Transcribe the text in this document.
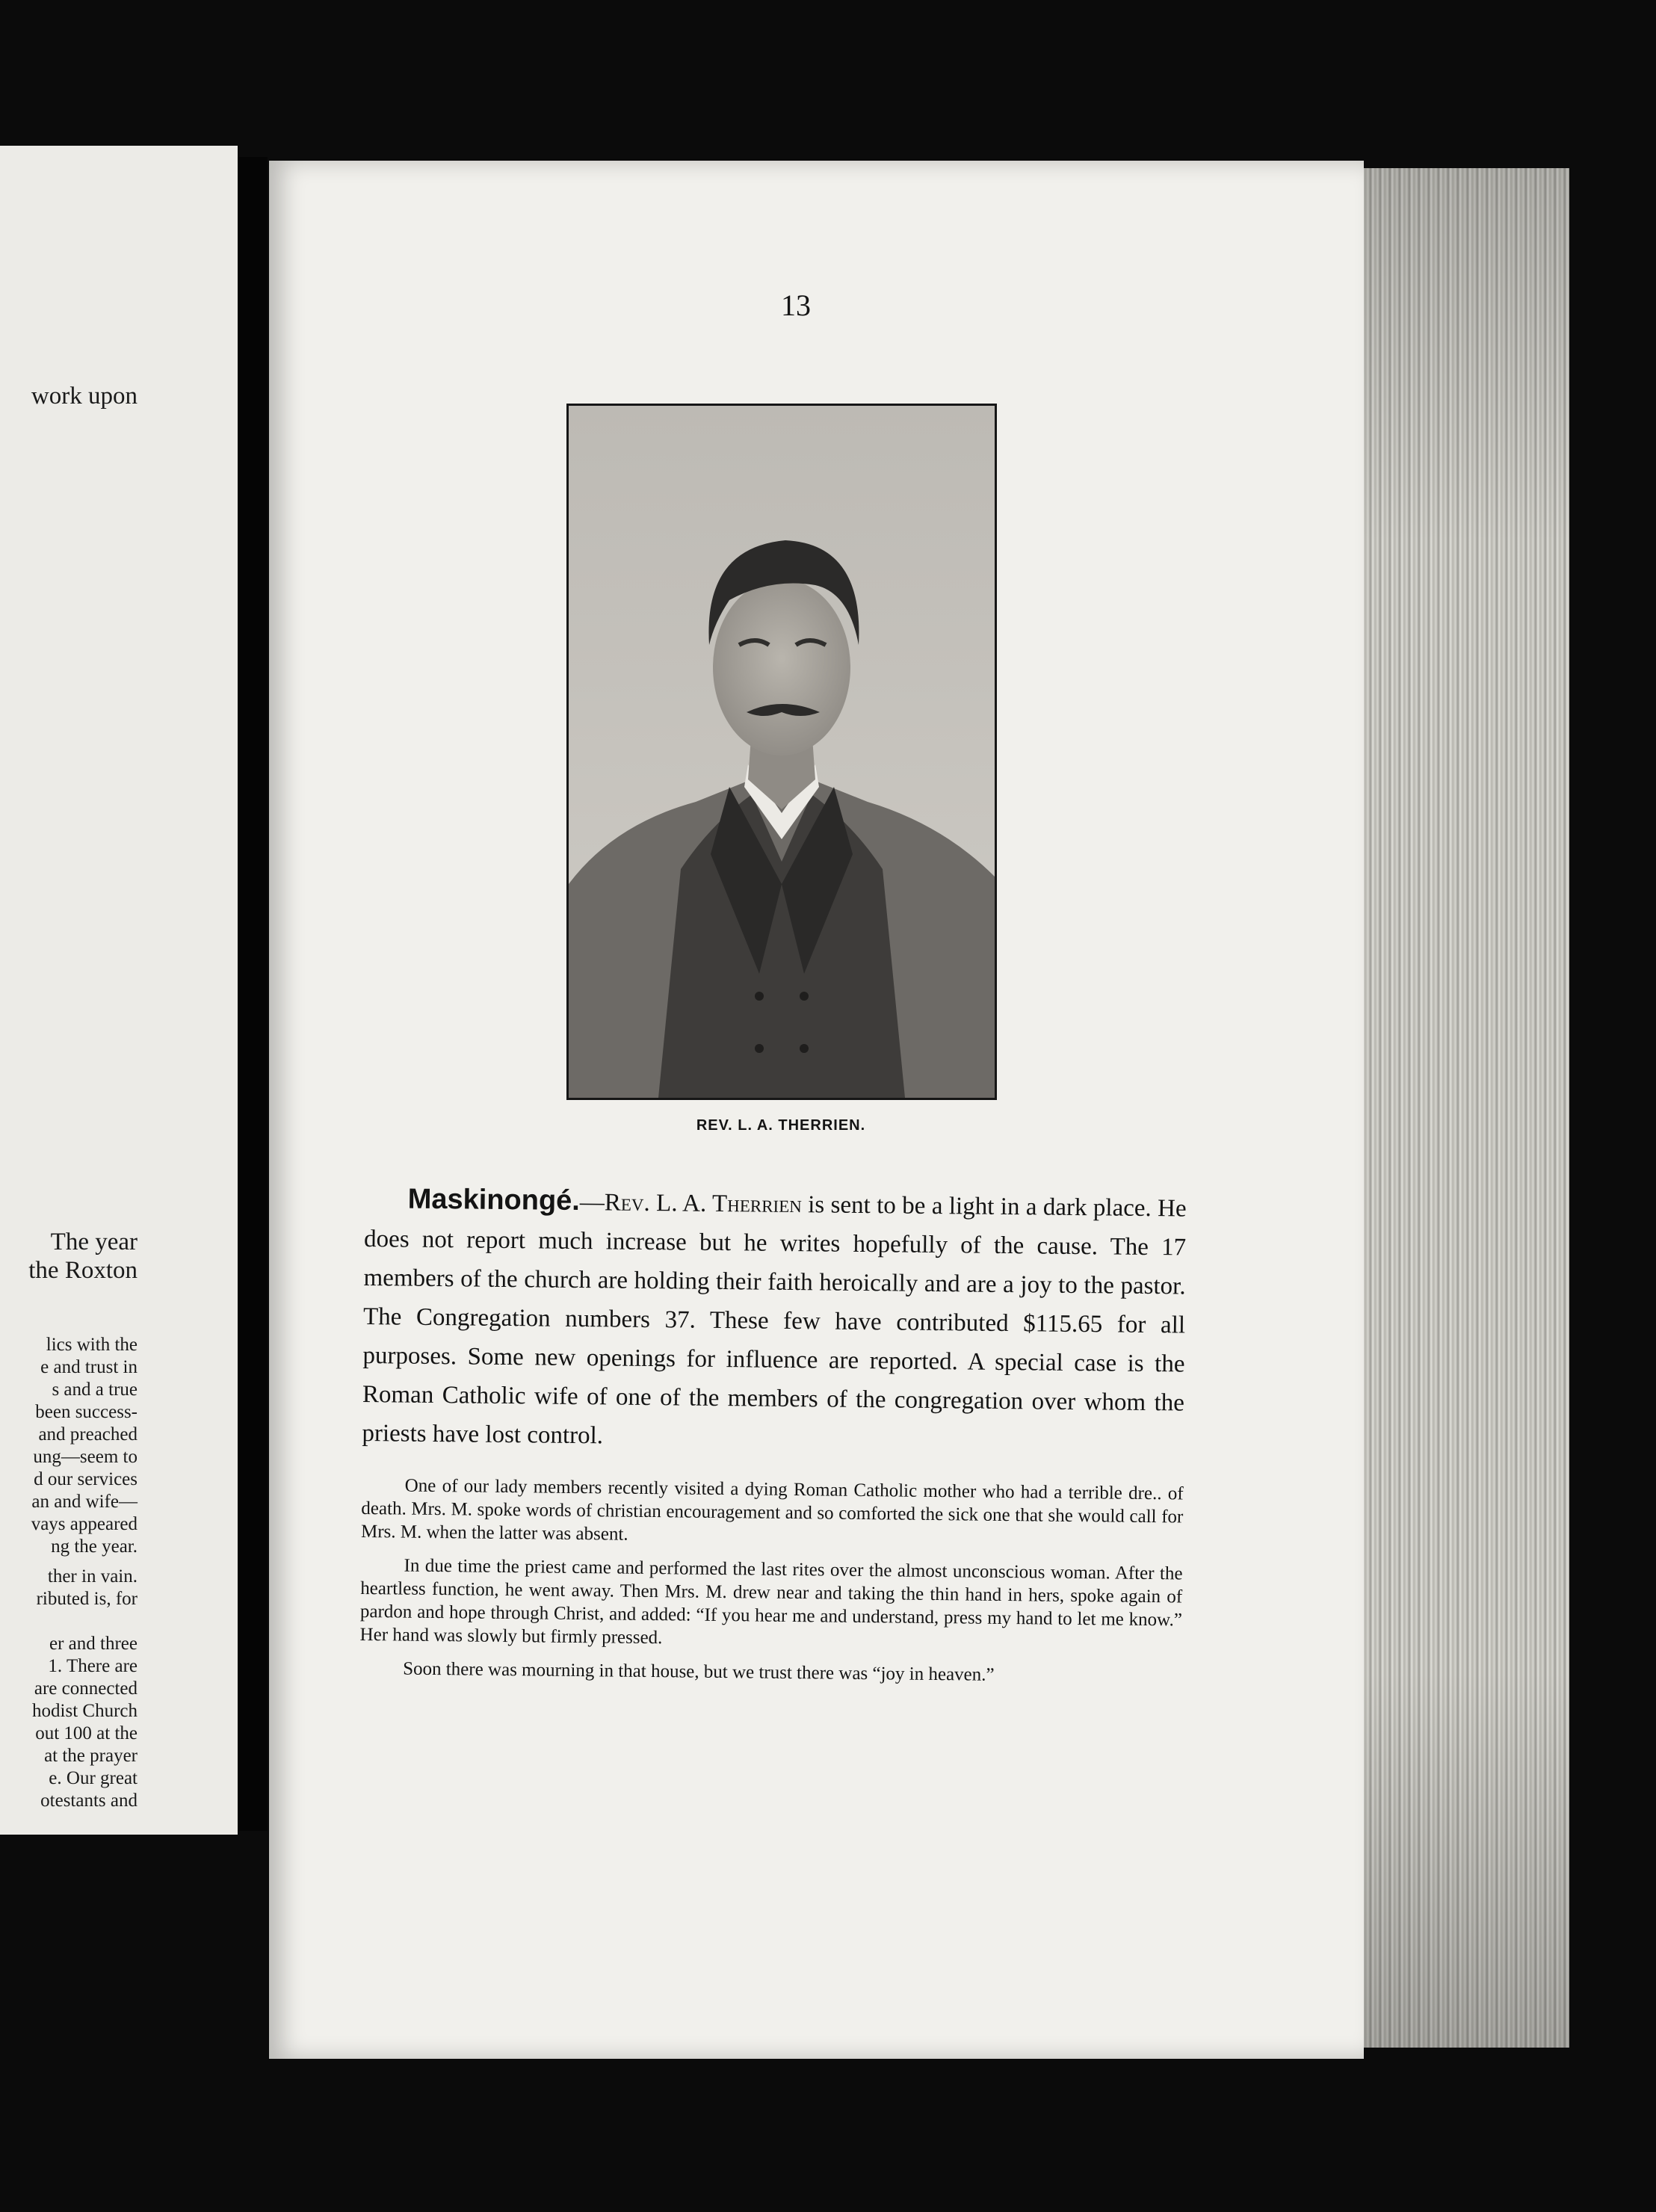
work upon
The year
the Roxton
lics with the
e and trust in
s and a true
been success-
and preached
ung—seem to
d our services
an and wife—
vays appeared
ng the year.
ther in vain.
ributed is, for
er and three
1. There are
are connected
hodist Church
out 100 at the
at the prayer
e. Our great
otestants and
13
REV. L. A. THERRIEN.

Maskinongé.—Rev. L. A. Therrien is sent to be a light in a dark place. He does not report much increase but he writes hopefully of the cause. The 17 members of the church are holding their faith heroically and are a joy to the pastor. The Congregation numbers 37. These few have contributed $115.65 for all purposes. Some new openings for influence are reported. A special case is the Roman Catholic wife of one of the members of the congregation over whom the priests have lost control.

One of our lady members recently visited a dying Roman Catholic mother who had a terrible dre.. of death. Mrs. M. spoke words of christian encouragement and so comforted the sick one that she would call for Mrs. M. when the latter was absent.

In due time the priest came and performed the last rites over the almost unconscious woman. After the heartless function, he went away. Then Mrs. M. drew near and taking the thin hand in hers, spoke again of pardon and hope through Christ, and added: “If you hear me and understand, press my hand to let me know.” Her hand was slowly but firmly pressed.

Soon there was mourning in that house, but we trust there was “joy in heaven.”
